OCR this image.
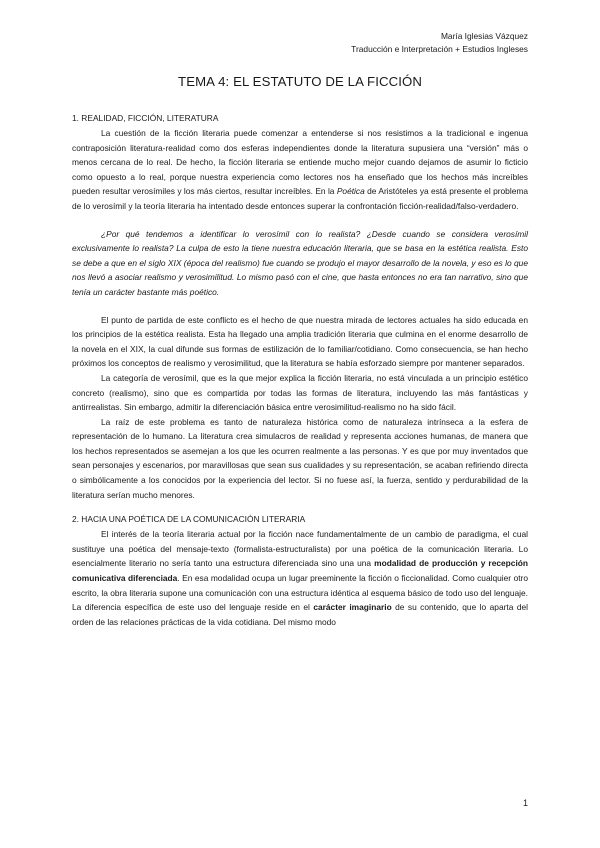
María Iglesias Vázquez
Traducción e Interpretación + Estudios Ingleses
TEMA 4: EL ESTATUTO DE LA FICCIÓN
1. REALIDAD, FICCIÓN, LITERATURA

La cuestión de la ficción literaria puede comenzar a entenderse si nos resistimos a la tradicional e ingenua contraposición literatura-realidad como dos esferas independientes donde la literatura supusiera una “versión” más o menos cercana de lo real. De hecho, la ficción literaria se entiende mucho mejor cuando dejamos de asumir lo ficticio como opuesto a lo real, porque nuestra experiencia como lectores nos ha enseñado que los hechos más increíbles pueden resultar verosímiles y los más ciertos, resultar increíbles. En la Poética de Aristóteles ya está presente el problema de lo verosímil y la teoría literaria ha intentado desde entonces superar la confrontación ficción-realidad/falso-verdadero.

¿Por qué tendemos a identificar lo verosímil con lo realista? ¿Desde cuando se considera verosímil exclusivamente lo realista? La culpa de esto la tiene nuestra educación literaria, que se basa en la estética realista. Esto se debe a que en el siglo XIX (época del realismo) fue cuando se produjo el mayor desarrollo de la novela, y eso es lo que nos llevó a asociar realismo y verosimilitud. Lo mismo pasó con el cine, que hasta entonces no era tan narrativo, sino que tenía un carácter bastante más poético.

El punto de partida de este conflicto es el hecho de que nuestra mirada de lectores actuales ha sido educada en los principios de la estética realista. Esta ha llegado una amplia tradición literaria que culmina en el enorme desarrollo de la novela en el XIX, la cual difunde sus formas de estilización de lo familiar/cotidiano. Como consecuencia, se han hecho próximos los conceptos de realismo y verosimilitud, que la literatura se había esforzado siempre por mantener separados.

La categoría de verosímil, que es la que mejor explica la ficción literaria, no está vinculada a un principio estético concreto (realismo), sino que es compartida por todas las formas de literatura, incluyendo las más fantásticas y antirrealistas. Sin embargo, admitir la diferenciación básica entre verosimilitud-realismo no ha sido fácil.

La raíz de este problema es tanto de naturaleza histórica como de naturaleza intrínseca a la esfera de representación de lo humano. La literatura crea simulacros de realidad y representa acciones humanas, de manera que los hechos representados se asemejan a los que les ocurren realmente a las personas. Y es que por muy inventados que sean personajes y escenarios, por maravillosas que sean sus cualidades y su representación, se acaban refiriendo directa o simbólicamente a los conocidos por la experiencia del lector. Si no fuese así, la fuerza, sentido y perdurabilidad de la literatura serían mucho menores.

2. HACIA UNA POÉTICA DE LA COMUNICACIÓN LITERARIA

El interés de la teoría literaria actual por la ficción nace fundamentalmente de un cambio de paradigma, el cual sustituye una poética del mensaje-texto (formalista-estructuralista) por una poética de la comunicación literaria. Lo esencialmente literario no sería tanto una estructura diferenciada sino una una modalidad de producción y recepción comunicativa diferenciada. En esa modalidad ocupa un lugar preeminente la ficción o ficcionalidad. Como cualquier otro escrito, la obra literaria supone una comunicación con una estructura idéntica al esquema básico de todo uso del lenguaje. La diferencia específica de este uso del lenguaje reside en el carácter imaginario de su contenido, que lo aparta del orden de las relaciones prácticas de la vida cotidiana. Del mismo modo

1
